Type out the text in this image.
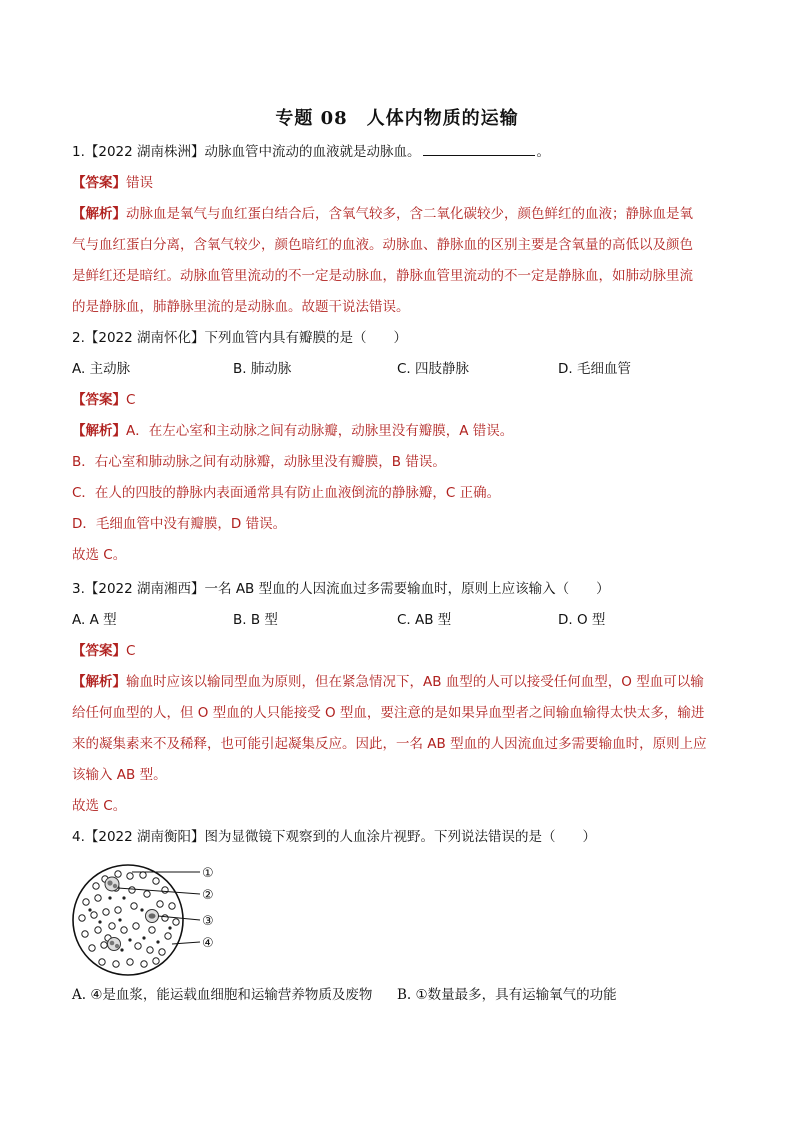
专题 08　人体内物质的运输
1.【2022 湖南株洲】动脉血管中流动的血液就是动脉血。	。
【答案】错误
【解析】动脉血是氧气与血红蛋白结合后，含氧气较多，含二氧化碳较少，颜色鲜红的血液；静脉血是氧
气与血红蛋白分离，含氧气较少，颜色暗红的血液。动脉血、静脉血的区别主要是含氧量的高低以及颜色
是鲜红还是暗红。动脉血管里流动的不一定是动脉血，静脉血管里流动的不一定是静脉血，如肺动脉里流
的是静脉血，肺静脉里流的是动脉血。故题干说法错误。
2.【2022 湖南怀化】下列血管内具有瓣膜的是（　　）
A. 主动脉	B. 肺动脉	C. 四肢静脉	D. 毛细血管
【答案】C
【解析】A．在左心室和主动脉之间有动脉瓣，动脉里没有瓣膜，A 错误。
B．右心室和肺动脉之间有动脉瓣，动脉里没有瓣膜，B 错误。
C．在人的四肢的静脉内表面通常具有防止血液倒流的静脉瓣，C 正确。
D．毛细血管中没有瓣膜，D 错误。
故选 C。
3.【2022 湖南湘西】一名 AB 型血的人因流血过多需要输血时，原则上应该输入（　　）
A. A 型	B. B 型	C. AB 型	D. O 型
【答案】C
【解析】输血时应该以输同型血为原则，但在紧急情况下，AB 血型的人可以接受任何血型，O 型血可以输
给任何血型的人，但 O 型血的人只能接受 O 型血，要注意的是如果异血型者之间输血输得太快太多，输进
来的凝集素来不及稀释，也可能引起凝集反应。因此，一名 AB 型血的人因流血过多需要输血时，原则上应
该输入 AB 型。
故选 C。
4.【2022 湖南衡阳】图为显微镜下观察到的人血涂片视野。下列说法错误的是（　　）
①
②
③
④
A. ④是血浆，能运载血细胞和运输营养物质及废物 B. ①数量最多，具有运输氧气的功能
